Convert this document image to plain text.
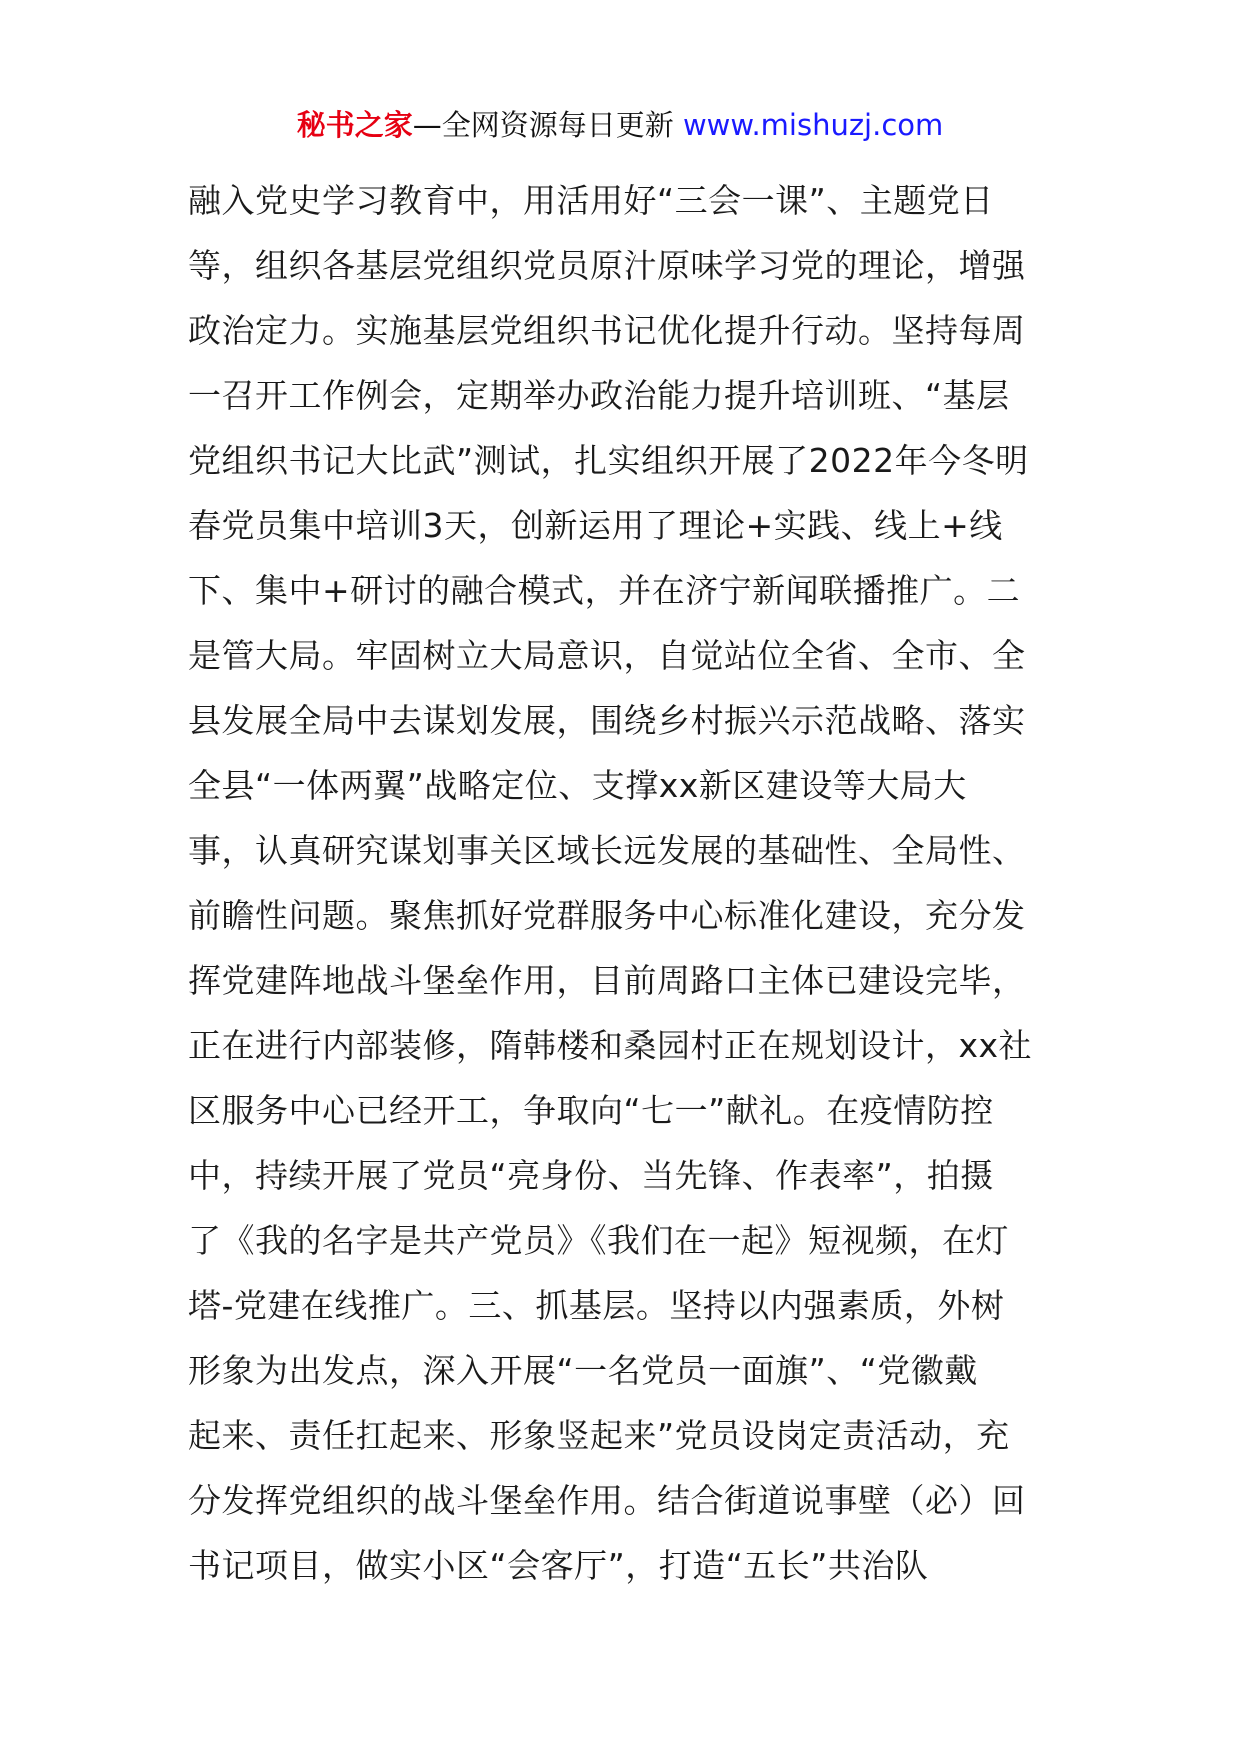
秘书之家—全网资源每日更新 www.mishuzj.com
融入党史学习教育中，用活用好“三会一课”、主题党日
等，组织各基层党组织党员原汁原味学习党的理论，增强
政治定力。实施基层党组织书记优化提升行动。坚持每周
一召开工作例会，定期举办政治能力提升培训班、“基层
党组织书记大比武”测试，扎实组织开展了2022年今冬明
春党员集中培训3天，创新运用了理论+实践、线上+线
下、集中+研讨的融合模式，并在济宁新闻联播推广。二
是管大局。牢固树立大局意识，自觉站位全省、全市、全
县发展全局中去谋划发展，围绕乡村振兴示范战略、落实
全县“一体两翼”战略定位、支撑xx新区建设等大局大
事，认真研究谋划事关区域长远发展的基础性、全局性、
前瞻性问题。聚焦抓好党群服务中心标准化建设，充分发
挥党建阵地战斗堡垒作用，目前周路口主体已建设完毕，
正在进行内部装修，隋韩楼和桑园村正在规划设计，xx社
区服务中心已经开工，争取向“七一”献礼。在疫情防控
中，持续开展了党员“亮身份、当先锋、作表率”，拍摄
了《我的名字是共产党员》《我们在一起》短视频，在灯
塔-党建在线推广。三、抓基层。坚持以内强素质，外树
形象为出发点，深入开展“一名党员一面旗”、“党徽戴
起来、责任扛起来、形象竖起来”党员设岗定责活动，充
分发挥党组织的战斗堡垒作用。结合街道说事壁（必）回
书记项目，做实小区“会客厅”，打造“五长”共治队
